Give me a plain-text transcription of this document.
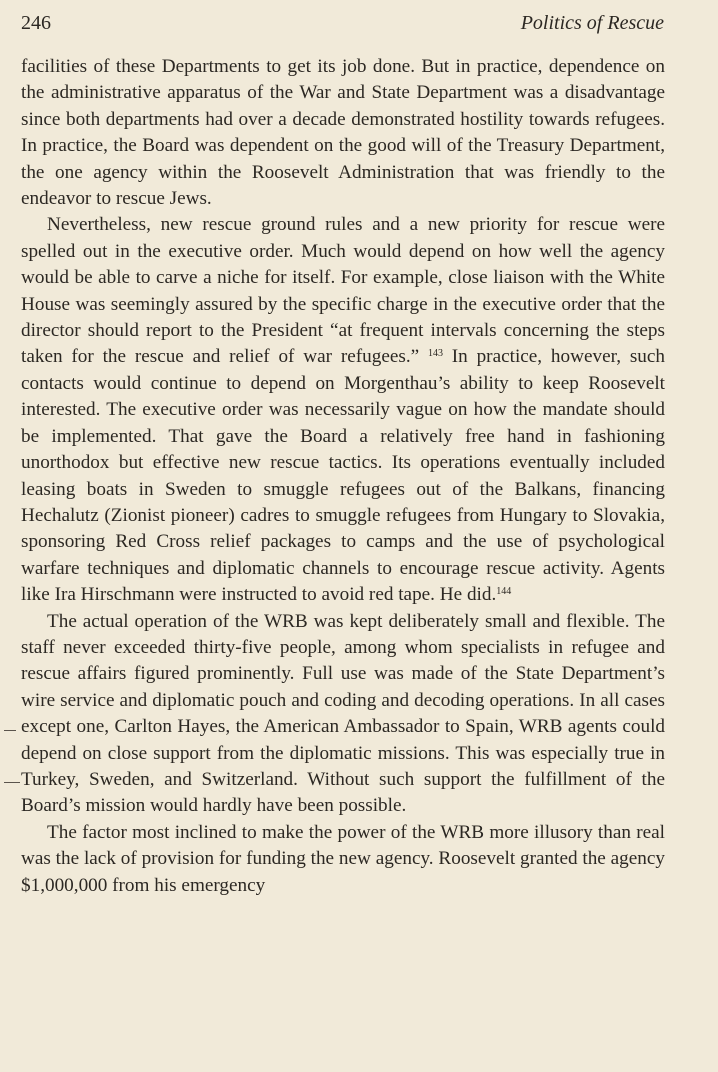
246	Politics of Rescue

facilities of these Departments to get its job done. But in practice, dependence on the administrative apparatus of the War and State Department was a disadvantage since both departments had over a decade demonstrated hostility towards refugees. In practice, the Board was dependent on the good will of the Treasury Department, the one agency within the Roosevelt Administration that was friendly to the endeavor to rescue Jews.

Nevertheless, new rescue ground rules and a new priority for rescue were spelled out in the executive order. Much would depend on how well the agency would be able to carve a niche for itself. For example, close liaison with the White House was seemingly assured by the specific charge in the executive order that the director should report to the President “at frequent intervals concerning the steps taken for the rescue and relief of war refugees.” $^{143}$ In practice, however, such contacts would continue to depend on Morgenthau’s ability to keep Roosevelt interested. The executive order was necessarily vague on how the mandate should be implemented. That gave the Board a relatively free hand in fashioning unorthodox but effective new rescue tactics. Its operations eventually included leasing boats in Sweden to smuggle refugees out of the Balkans, financing Hechalutz (Zionist pioneer) cadres to smuggle refugees from Hungary to Slovakia, sponsoring Red Cross relief packages to camps and the use of psychological warfare techniques and diplomatic channels to encourage rescue activity. Agents like Ira Hirschmann were instructed to avoid red tape. He did.$^{144}$

The actual operation of the WRB was kept deliberately small and flexible. The staff never exceeded thirty-five people, among whom specialists in refugee and rescue affairs figured prominently. Full use was made of the State Department’s wire service and diplomatic pouch and coding and decoding operations. In all cases except one, Carlton Hayes, the American Ambassador to Spain, WRB agents could depend on close support from the diplomatic missions. This was especially true in Turkey, Sweden, and Switzerland. Without such support the fulfillment of the Board’s mission would hardly have been possible.

The factor most inclined to make the power of the WRB more illusory than real was the lack of provision for funding the new agency. Roosevelt granted the agency $1,000,000 from his emergency
